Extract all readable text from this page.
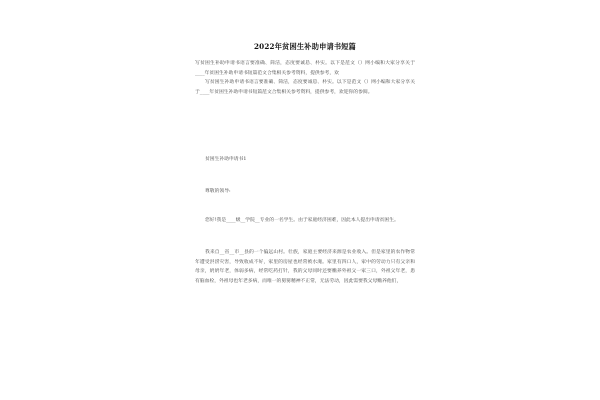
2022年贫困生补助申请书短篇

写贫困生补助申请书语言要准确、简洁，态度要诚恳、朴实。以下是范文（）网小编和大家分享关于____年贫困生补助申请书短篇范文合集相关参考资料，提供参考，欢

写贫困生补助申请书语言要准确、简洁，态度要诚恳、朴实。以下是范文（）网小编和大家分享关于____年贫困生补助申请书短篇范文合集相关参考资料，提供参考，欢迎你的参阅。

贫困生补助申请书1

尊敬的领导:

您好!我是____级__学院__专业的一名学生。由于家庭经济困难，因此本人提出申请贫困生。

我来自__省__市__县的一个偏远山村。壮族，家庭主要经济来源是农业收入。但是家里的农作物常年遭受洪涝灾害，导致收成不好，家里的房屋也经常被水淹。家里有四口人，家中的劳动力只有父亲和母亲，奶奶年老，体弱多病，经常吃药打针，我的父母同时还要赡养外祖父一家三口，外祖父年老，患有脑血栓，外祖母也年老多病，而唯一的舅舅精神不正常，无法劳动，因此需要我父母赡养他们，
